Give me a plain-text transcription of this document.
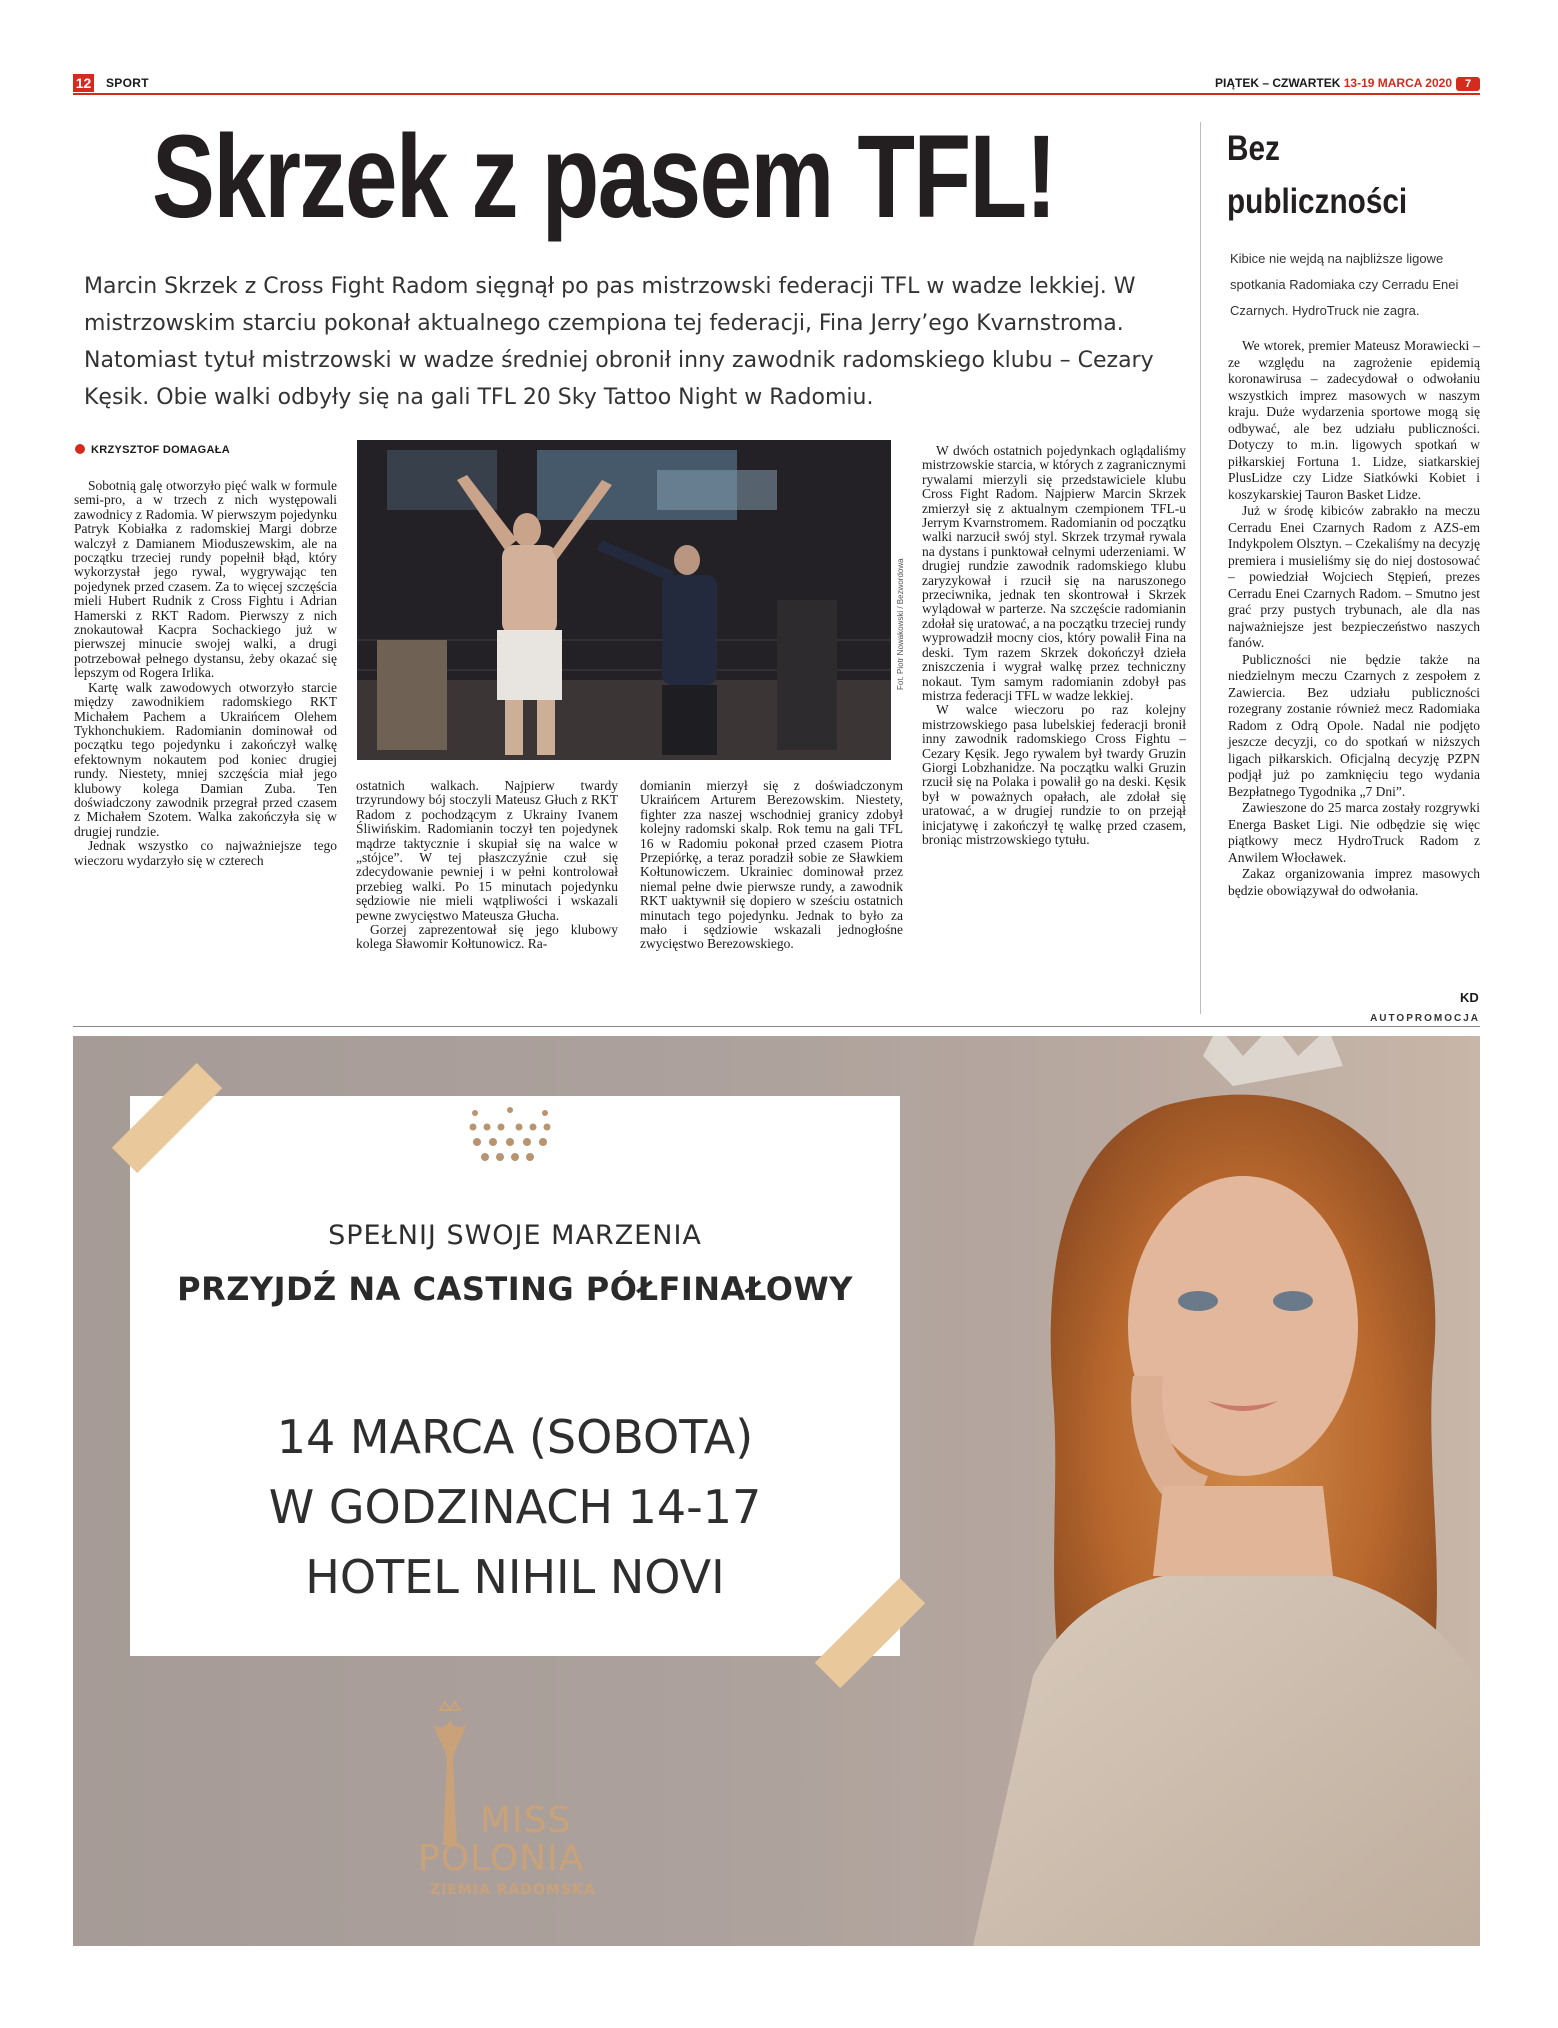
12 SPORT	PIĄTEK – CZWARTEK 13-19 MARCA 2020 7
Skrzek z pasem TFL!
Marcin Skrzek z Cross Fight Radom sięgnął po pas mistrzowski federacji TFL w wadze lekkiej. W mistrzowskim starciu pokonał aktualnego czempiona tej federacji, Fina Jerry’ego Kvarnstroma. Natomiast tytuł mistrzowski w wadze średniej obronił inny zawodnik radomskiego klubu – Cezary Kęsik. Obie walki odbyły się na gali TFL 20 Sky Tattoo Night w Radomiu.
Bez publiczności
Kibice nie wejdą na najbliższe ligowe spotkania Radomiaka czy Cerradu Enei Czarnych. HydroTruck nie zagra.

We wtorek, premier Mateusz Morawiecki – ze względu na zagrożenie epidemią koronawirusa – zadecydował o odwołaniu wszystkich imprez masowych w naszym kraju. Duże wydarzenia sportowe mogą się odbywać, ale bez udziału publiczności. Dotyczy to m.in. ligowych spotkań w piłkarskiej Fortuna 1. Lidze, siatkarskiej PlusLidze czy Lidze Siatkówki Kobiet i koszykarskiej Tauron Basket Lidze.

Już w środę kibiców zabrakło na meczu Cerradu Enei Czarnych Radom z AZS-em Indykpolem Olsztyn. – Czekaliśmy na decyzję premiera i musieliśmy się do niej dostosować – powiedział Wojciech Stępień, prezes Cerradu Enei Czarnych Radom. – Smutno jest grać przy pustych trybunach, ale dla nas najważniejsze jest bezpieczeństwo naszych fanów.

Publiczności nie będzie także na niedzielnym meczu Czarnych z zespołem z Zawiercia. Bez udziału publiczności rozegrany zostanie również mecz Radomiaka Radom z Odrą Opole. Nadal nie podjęto jeszcze decyzji, co do spotkań w niższych ligach piłkarskich. Oficjalną decyzję PZPN podjął już po zamknięciu tego wydania Bezpłatnego Tygodnika „7 Dni”.

Zawieszone do 25 marca zostały rozgrywki Energa Basket Ligi. Nie odbędzie się więc piątkowy mecz HydroTruck Radom z Anwilem Włocławek.

Zakaz organizowania imprez masowych będzie obowiązywał do odwołania.

KD
KRZYSZTOF DOMAGAŁA

Sobotnią galę otworzyło pięć walk w formule semi-pro, a w trzech z nich występowali zawodnicy z Radomia. W pierwszym pojedynku Patryk Kobiałka z radomskiej Margi dobrze walczył z Damianem Mioduszewskim, ale na początku trzeciej rundy popełnił błąd, który wykorzystał jego rywal, wygrywając ten pojedynek przed czasem. Za to więcej szczęścia mieli Hubert Rudnik z Cross Fightu i Adrian Hamerski z RKT Radom. Pierwszy z nich znokautował Kacpra Sochackiego już w pierwszej minucie swojej walki, a drugi potrzebował pełnego dystansu, żeby okazać się lepszym od Rogera Irlika.

Kartę walk zawodowych otworzyło starcie między zawodnikiem radomskiego RKT Michałem Pachem a Ukraińcem Olehem Tykhonchukiem. Radomianin dominował od początku tego pojedynku i zakończył walkę efektownym nokautem pod koniec drugiej rundy. Niestety, mniej szczęścia miał jego klubowy kolega Damian Zuba. Ten doświadczony zawodnik przegrał przed czasem z Michałem Szotem. Walka zakończyła się w drugiej rundzie.

Jednak wszystko co najważniejsze tego wieczoru wydarzyło się w czterech

ostatnich walkach. Najpierw twardy trzyrundowy bój stoczyli Mateusz Głuch z RKT Radom z pochodzącym z Ukrainy Ivanem Śliwińskim. Radomianin toczył ten pojedynek mądrze taktycznie i skupiał się na walce w „stójce”. W tej płaszczyźnie czuł się zdecydowanie pewniej i w pełni kontrolował przebieg walki. Po 15 minutach pojedynku sędziowie nie mieli wątpliwości i wskazali pewne zwycięstwo Mateusza Głucha.

Gorzej zaprezentował się jego klubowy kolega Sławomir Kołtunowicz. Ra-

domianin mierzył się z doświadczonym Ukraińcem Arturem Berezowskim. Niestety, fighter zza naszej wschodniej granicy zdobył kolejny radomski skalp. Rok temu na gali TFL 16 w Radomiu pokonał przed czasem Piotra Przepiórkę, a teraz poradził sobie ze Sławkiem Kołtunowiczem. Ukrainiec dominował przez niemal pełne dwie pierwsze rundy, a zawodnik RKT uaktywnił się dopiero w sześciu ostatnich minutach tego pojedynku. Jednak to było za mało i sędziowie wskazali jednogłośne zwycięstwo Berezowskiego.

W dwóch ostatnich pojedynkach oglądaliśmy mistrzowskie starcia, w których z zagranicznymi rywalami mierzyli się przedstawiciele klubu Cross Fight Radom. Najpierw Marcin Skrzek zmierzył się z aktualnym czempionem TFL-u Jerrym Kvarnstromem. Radomianin od początku walki narzucił swój styl. Skrzek trzymał rywala na dystans i punktował celnymi uderzeniami. W drugiej rundzie zawodnik radomskiego klubu zaryzykował i rzucił się na naruszonego przeciwnika, jednak ten skontrował i Skrzek wylądował w parterze. Na szczęście radomianin zdołał się uratować, a na początku trzeciej rundy wyprowadził mocny cios, który powalił Fina na deski. Tym razem Skrzek dokończył dzieła zniszczenia i wygrał walkę przez techniczny nokaut. Tym samym radomianin zdobył pas mistrza federacji TFL w wadze lekkiej.

W walce wieczoru po raz kolejny mistrzowskiego pasa lubelskiej federacji bronił inny zawodnik radomskiego Cross Fightu – Cezary Kęsik. Jego rywalem był twardy Gruzin Giorgi Lobzhanidze. Na początku walki Gruzin rzucił się na Polaka i powalił go na deski. Kęsik był w poważnych opałach, ale zdołał się uratować, a w drugiej rundzie to on przejął inicjatywę i zakończył tę walkę przed czasem, broniąc mistrzowskiego tytułu.

Fot. Piotr Nowakowski / Bezwordowa
AUTOPROMOCJA
SPEŁNIJ SWOJE MARZENIA
PRZYJDŹ NA CASTING PÓŁFINAŁOWY
14 MARCA (SOBOTA)
W GODZINACH 14-17
HOTEL NIHIL NOVI
MISS
POLONIA
ZIEMIA RADOMSKA
